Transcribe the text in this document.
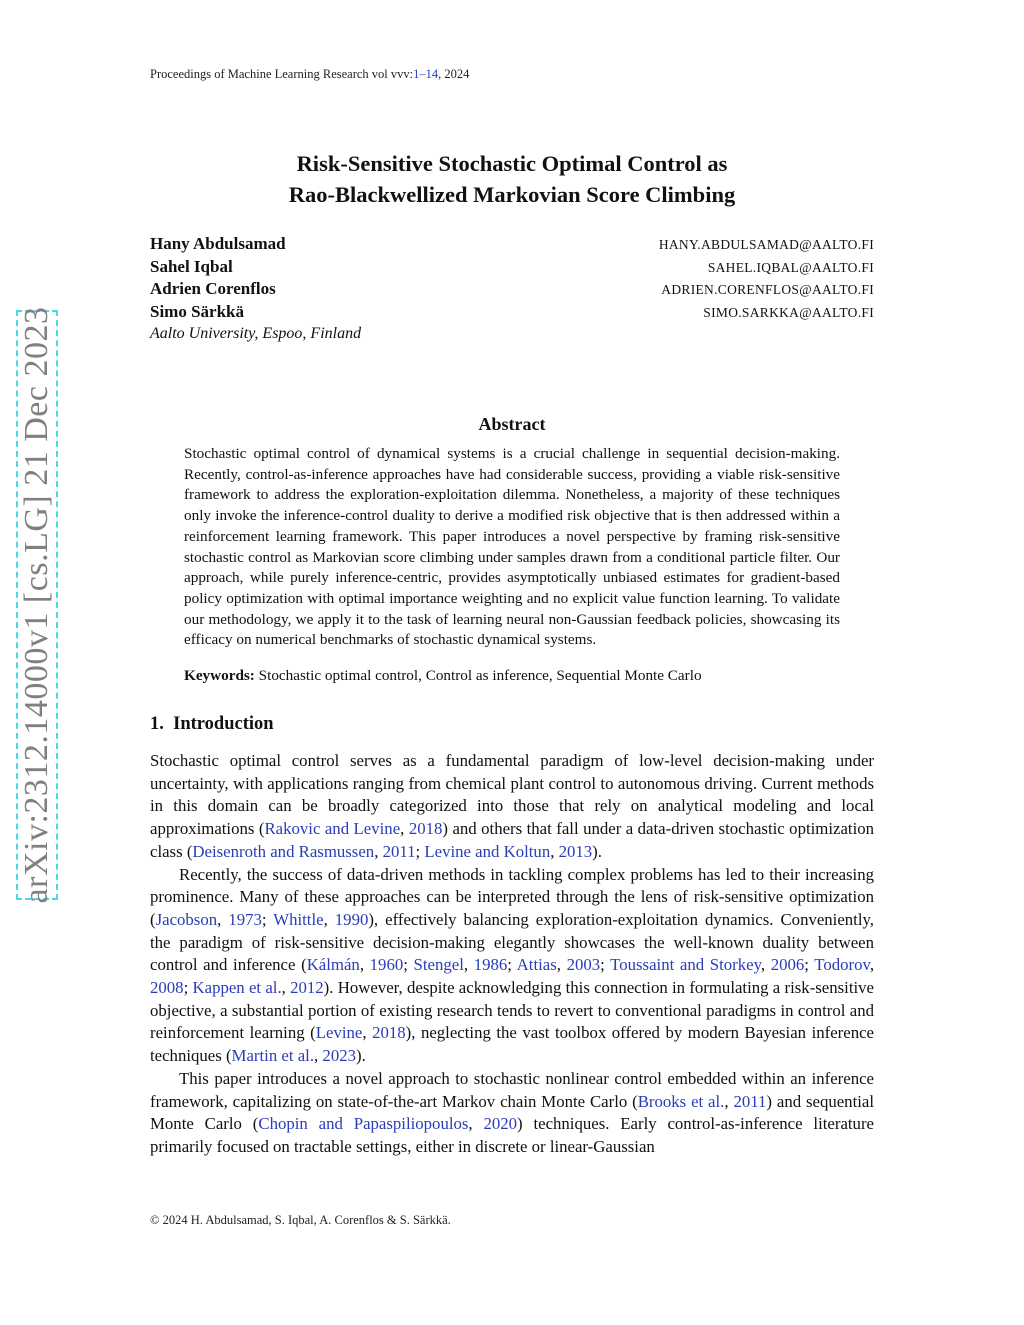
arXiv:2312.14000v1 [cs.LG] 21 Dec 2023
Proceedings of Machine Learning Research vol vvv:1–14, 2024
Risk-Sensitive Stochastic Optimal Control as
Rao-Blackwellized Markovian Score Climbing
Hany Abdulsamad	HANY.ABDULSAMAD@AALTO.FI
Sahel Iqbal	SAHEL.IQBAL@AALTO.FI
Adrien Corenflos	ADRIEN.CORENFLOS@AALTO.FI
Simo Särkkä	SIMO.SARKKA@AALTO.FI
Aalto University, Espoo, Finland
Abstract
Stochastic optimal control of dynamical systems is a crucial challenge in sequential decision-making. Recently, control-as-inference approaches have had considerable success, providing a viable risk-sensitive framework to address the exploration-exploitation dilemma. Nonetheless, a majority of these techniques only invoke the inference-control duality to derive a modified risk objective that is then addressed within a reinforcement learning framework. This paper introduces a novel perspective by framing risk-sensitive stochastic control as Markovian score climbing under samples drawn from a conditional particle filter. Our approach, while purely inference-centric, provides asymptotically unbiased estimates for gradient-based policy optimization with optimal importance weighting and no explicit value function learning. To validate our methodology, we apply it to the task of learning neural non-Gaussian feedback policies, showcasing its efficacy on numerical benchmarks of stochastic dynamical systems.
Keywords: Stochastic optimal control, Control as inference, Sequential Monte Carlo
1. Introduction

Stochastic optimal control serves as a fundamental paradigm of low-level decision-making under uncertainty, with applications ranging from chemical plant control to autonomous driving. Current methods in this domain can be broadly categorized into those that rely on analytical modeling and local approximations (Rakovic and Levine, 2018) and others that fall under a data-driven stochastic optimization class (Deisenroth and Rasmussen, 2011; Levine and Koltun, 2013).

Recently, the success of data-driven methods in tackling complex problems has led to their increasing prominence. Many of these approaches can be interpreted through the lens of risk-sensitive optimization (Jacobson, 1973; Whittle, 1990), effectively balancing exploration-exploitation dynamics. Conveniently, the paradigm of risk-sensitive decision-making elegantly showcases the well-known duality between control and inference (Kálmán, 1960; Stengel, 1986; Attias, 2003; Toussaint and Storkey, 2006; Todorov, 2008; Kappen et al., 2012). However, despite acknowledging this connection in formulating a risk-sensitive objective, a substantial portion of existing research tends to revert to conventional paradigms in control and reinforcement learning (Levine, 2018), neglecting the vast toolbox offered by modern Bayesian inference techniques (Martin et al., 2023).

This paper introduces a novel approach to stochastic nonlinear control embedded within an inference framework, capitalizing on state-of-the-art Markov chain Monte Carlo (Brooks et al., 2011) and sequential Monte Carlo (Chopin and Papaspiliopoulos, 2020) techniques. Early control-as-inference literature primarily focused on tractable settings, either in discrete or linear-Gaussian

© 2024 H. Abdulsamad, S. Iqbal, A. Corenflos & S. Särkkä.
